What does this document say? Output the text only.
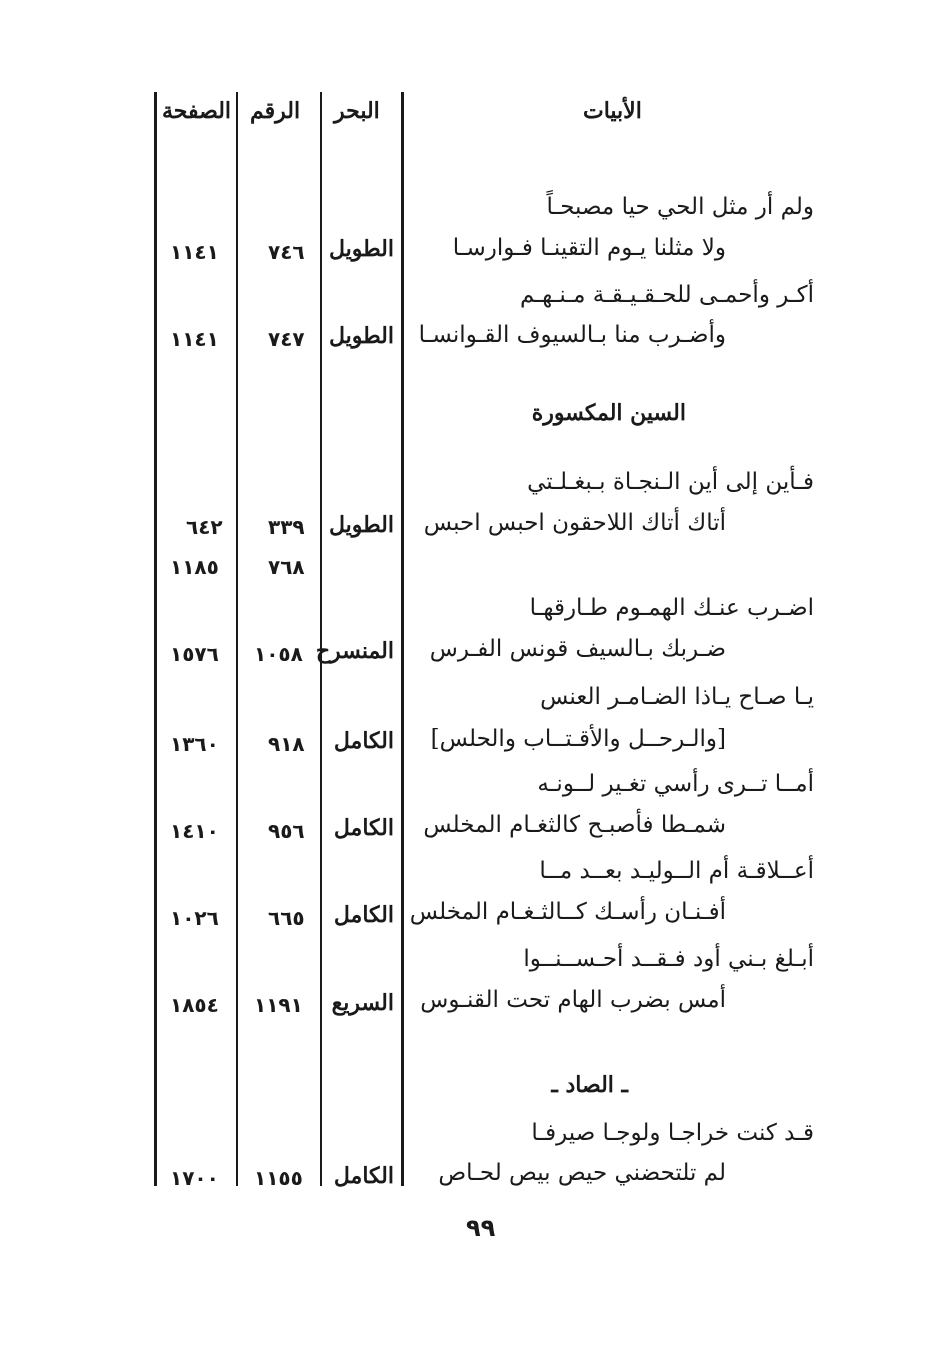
الأبيات
البحر
الرقم
الصفحة
ولم أر مثل الحي حيا مصبحـاً
ولا مثلنا يـوم التقينـا فـوارسـا
الطويل
٧٤٦
١١٤١
أكـر وأحمـى للحـقـيـقـة مـنـهـم
وأضـرب منا بـالسيوف القـوانسـا
الطويل
٧٤٧
١١٤١
السين المكسورة
فـأين إلى أين الـنجـاة بـبغـلـتي
أتاك أتاك اللاحقون احبس احبس
الطويل
٣٣٩
٦٤٢
٧٦٨
١١٨٥
اضـرب عنـك الهمـوم طـارقهـا
ضـربك بـالسيف قونس الفـرس
المنسرح
١٠٥٨
١٥٧٦
يـا صـاح يـاذا الضـامـر العنس
[والـرحــل والأقـتــاب والحلس]
الكامل
٩١٨
١٣٦٠
أمــا تــرى رأسي تغـير لــونـه
شمـطا فأصبـح كالثغـام المخلس
الكامل
٩٥٦
١٤١٠
أعــلاقـة أم الــوليـد بعــد مــا
أفـنـان رأسـك كــالثـغـام المخلس
الكامل
٦٦٥
١٠٢٦
أبـلغ بـني أود فـقــد أحـســنــوا
أمس بضرب الهام تحت القنـوس
السريع
١١٩١
١٨٥٤
ـ الصاد ـ
قـد كنت خراجـا ولوجـا صيرفـا
لم تلتحضني حيص بيص لحـاص
الكامل
١١٥٥
١٧٠٠
٩٩
